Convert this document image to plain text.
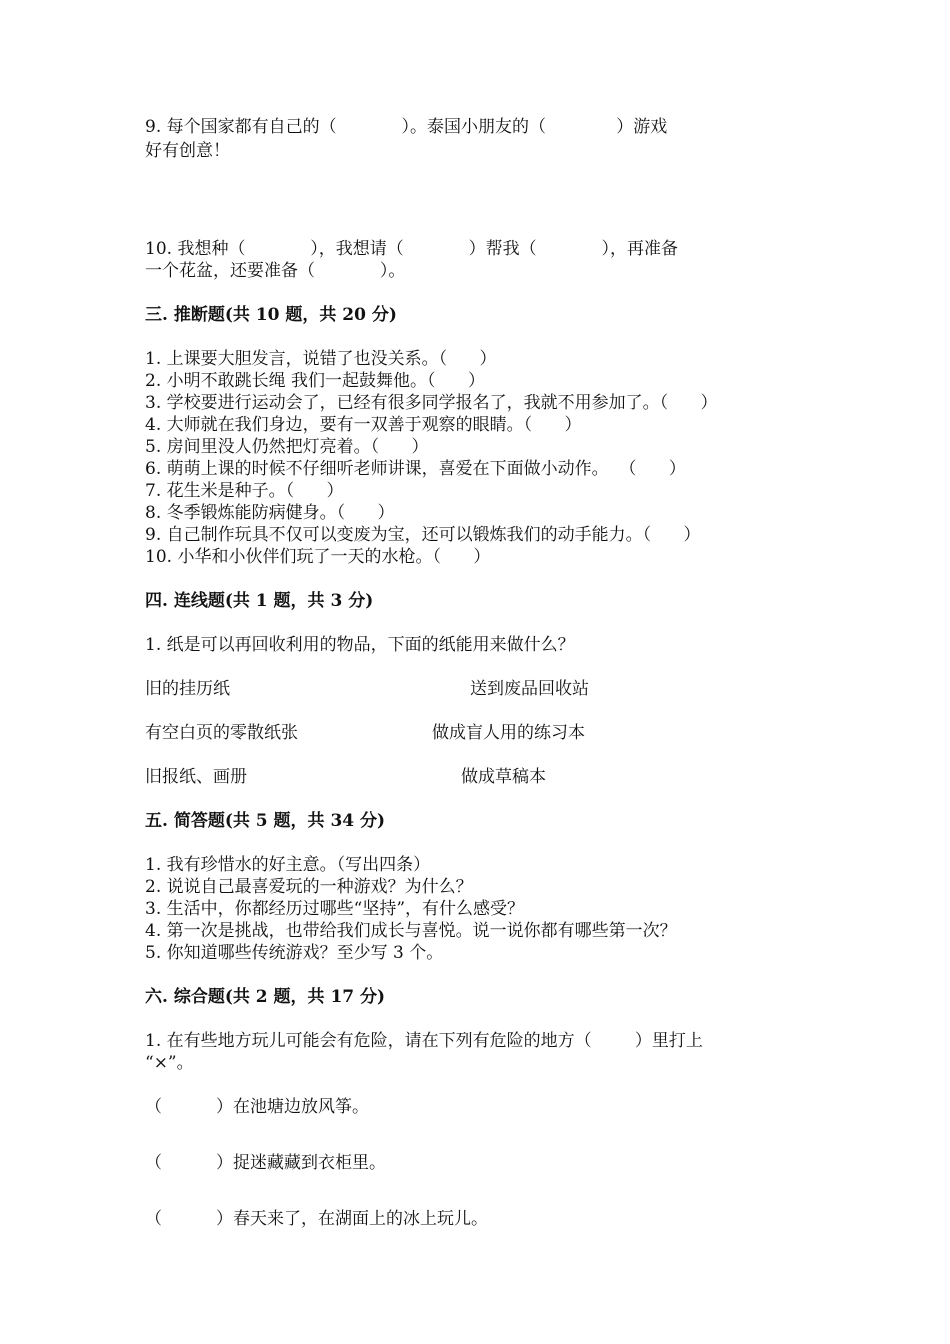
9. 每个国家都有自己的（            ）。泰国小朋友的（             ）游戏
好有创意！
10. 我想种（            ），我想请（            ）帮我（            ），再准备
一个花盆，还要准备（            ）。
三. 推断题(共 10 题，共 20 分)
1. 上课要大胆发言，说错了也没关系。（      ）
2. 小明不敢跳长绳 我们一起鼓舞他。（      ）
3. 学校要进行运动会了，已经有很多同学报名了，我就不用参加了。（      ）
4. 大师就在我们身边，要有一双善于观察的眼睛。（      ）
5. 房间里没人仍然把灯亮着。（      ）
6. 萌萌上课的时候不仔细听老师讲课，喜爱在下面做小动作。  （      ）
7. 花生米是种子。（      ）
8. 冬季锻炼能防病健身。（      ）
9. 自己制作玩具不仅可以变废为宝，还可以锻炼我们的动手能力。（      ）
10. 小华和小伙伴们玩了一天的水枪。（      ）
四. 连线题(共 1 题，共 3 分)
1. 纸是可以再回收利用的物品，下面的纸能用来做什么？
旧的挂历纸	送到废品回收站
有空白页的零散纸张	做成盲人用的练习本
旧报纸、画册	做成草稿本
五. 简答题(共 5 题，共 34 分)
1. 我有珍惜水的好主意。（写出四条）
2. 说说自己最喜爱玩的一种游戏？为什么？
3. 生活中，你都经历过哪些“坚持”，有什么感受？
4. 第一次是挑战，也带给我们成长与喜悦。说一说你都有哪些第一次？
5. 你知道哪些传统游戏？至少写 3 个。
六. 综合题(共 2 题，共 17 分)
1. 在有些地方玩儿可能会有危险，请在下列有危险的地方（        ）里打上
“×”。
（          ）在池塘边放风筝。
（          ）捉迷藏藏到衣柜里。
（          ）春天来了，在湖面上的冰上玩儿。
